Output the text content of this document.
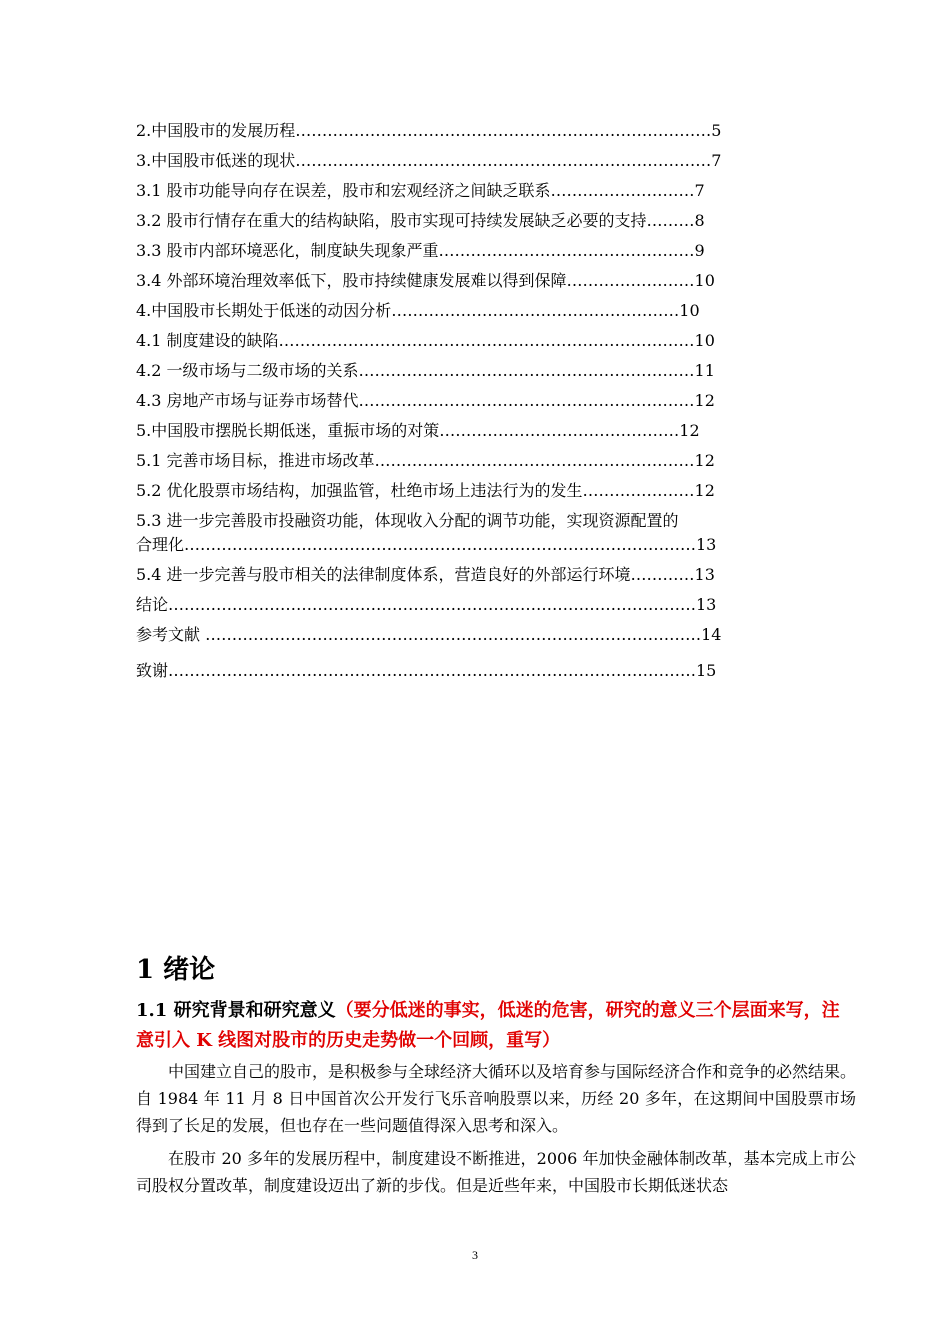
2.中国股市的发展历程……………………………………………………………………5
3.中国股市低迷的现状……………………………………………………………………7
3.1 股市功能导向存在误差，股市和宏观经济之间缺乏联系………………………7
3.2 股市行情存在重大的结构缺陷，股市实现可持续发展缺乏必要的支持………8
3.3 股市内部环境恶化，制度缺失现象严重…………………………………………9
3.4 外部环境治理效率低下，股市持续健康发展难以得到保障……………………10
4.中国股市长期处于低迷的动因分析………………………………………………10
4.1 制度建设的缺陷……………………………………………………………………10
4.2 一级市场与二级市场的关系………………………………………………………11
4.3 房地产市场与证券市场替代………………………………………………………12
5.中国股市摆脱长期低迷，重振市场的对策………………………………………12
5.1 完善市场目标，推进市场改革……………………………………………………12
5.2 优化股票市场结构，加强监管，杜绝市场上违法行为的发生…………………12
5.3 进一步完善股市投融资功能，体现收入分配的调节功能，实现资源配置的
合理化……………………………………………………………………………………13
5.4 进一步完善与股市相关的法律制度体系，营造良好的外部运行环境…………13
结论………………………………………………………………………………………13
参考文献 …………………………………………………………………………………14
致谢………………………………………………………………………………………15
1 绪论
1.1 研究背景和研究意义（要分低迷的事实，低迷的危害，研究的意义三个层面来写，注意引入 K 线图对股市的历史走势做一个回顾，重写）

中国建立自己的股市，是积极参与全球经济大循环以及培育参与国际经济合作和竞争的必然结果。自 1984 年 11 月 8 日中国首次公开发行飞乐音响股票以来，历经 20 多年，在这期间中国股票市场得到了长足的发展，但也存在一些问题值得深入思考和深入。

在股市 20 多年的发展历程中，制度建设不断推进，2006 年加快金融体制改革，基本完成上市公司股权分置改革，制度建设迈出了新的步伐。但是近些年来，中国股市长期低迷状态

3
